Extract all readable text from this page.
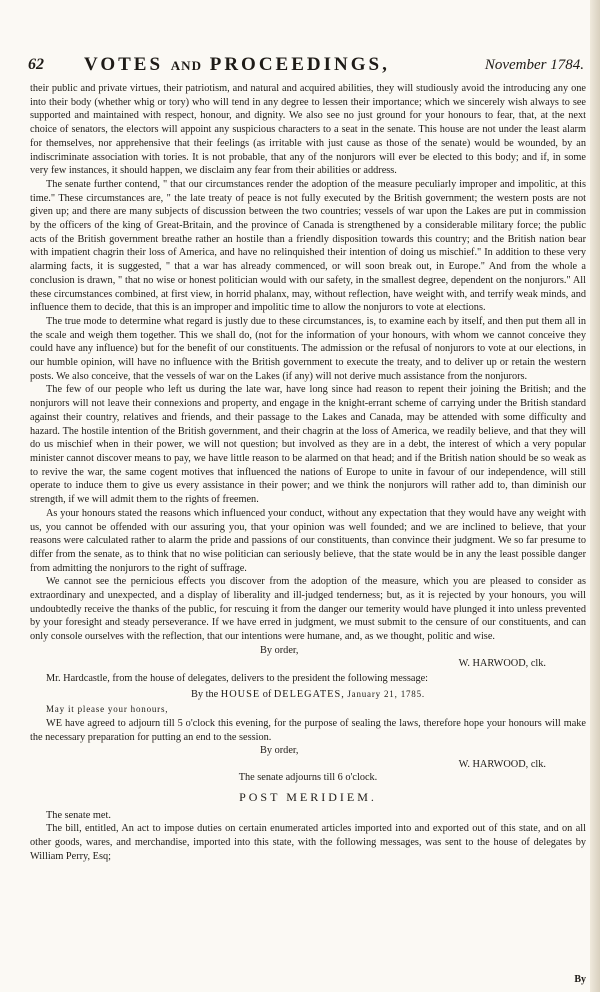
62 VOTES AND PROCEEDINGS,	November 1784.

their public and private virtues, their patriotism, and natural and acquired abilities, they will studiously avoid the introducing any one into their body (whether whig or tory) who will tend in any degree to lessen their importance; which we sincerely wish always to see supported and maintained with respect, honour, and dignity. We also see no just ground for your honours to fear, that, at the next choice of senators, the electors will appoint any suspicious characters to a seat in the senate. This house are not under the least alarm for themselves, nor apprehensive that their feelings (as irritable with just cause as those of the senate) would be wounded, by an indiscriminate association with tories. It is not probable, that any of the nonjurors will ever be elected to this body; and if, in some very few instances, it should happen, we disclaim any fear from their abilities or address.

The senate further contend, " that our circumstances render the adoption of the measure peculiarly improper and impolitic, at this time." These circumstances are, " the late treaty of peace is not fully executed by the British government; the western posts are not given up; and there are many subjects of discussion between the two countries; vessels of war upon the Lakes are put in commission by the officers of the king of Great-Britain, and the province of Canada is strengthened by a considerable military force; the public acts of the British government breathe rather an hostile than a friendly disposition towards this country; and the British nation bear with impatient chagrin their loss of America, and have no relinquished their intention of doing us mischief." In addition to these very alarming facts, it is suggested, " that a war has already commenced, or will soon break out, in Europe." And from the whole a conclusion is drawn, " that no wise or honest politician would with our safety, in the smallest degree, dependent on the nonjurors." All these circumstances combined, at first view, in horrid phalanx, may, without reflection, have weight with, and terrify weak minds, and influence them to decide, that this is an improper and impolitic time to allow the nonjurors to vote at elections.

The true mode to determine what regard is justly due to these circumstances, is, to examine each by itself, and then put them all in the scale and weigh them together. This we shall do, (not for the information of your honours, with whom we cannot conceive they could have any influence) but for the benefit of our constituents. The admission or the refusal of nonjurors to vote at our elections, in our humble opinion, will have no influence with the British government to execute the treaty, and to deliver up or retain the western posts. We also conceive, that the vessels of war on the Lakes (if any) will not derive much assistance from the nonjurors.

The few of our people who left us during the late war, have long since had reason to repent their joining the British; and the nonjurors will not leave their connexions and property, and engage in the knight-errant scheme of carrying under the British standard against their country, relatives and friends, and their passage to the Lakes and Canada, may be attended with some difficulty and hazard. The hostile intention of the British government, and their chagrin at the loss of America, we readily believe, and that they will do us mischief when in their power, we will not question; but involved as they are in a debt, the interest of which a very popular minister cannot discover means to pay, we have little reason to be alarmed on that head; and if the British nation should be so weak as to revive the war, the same cogent motives that influenced the nations of Europe to unite in favour of our independence, will still operate to induce them to give us every assistance in their power; and we think the nonjurors will rather add to, than diminish our strength, if we will admit them to the rights of freemen.

As your honours stated the reasons which influenced your conduct, without any expectation that they would have any weight with us, you cannot be offended with our assuring you, that your opinion was well founded; and we are inclined to believe, that your reasons were calculated rather to alarm the pride and passions of our constituents, than convince their judgment. We so far presume to differ from the senate, as to think that no wise politician can seriously believe, that the state would be in any the least possible danger from admitting the nonjurors to the right of suffrage.

We cannot see the pernicious effects you discover from the adoption of the measure, which you are pleased to consider as extraordinary and unexpected, and a display of liberality and ill-judged tenderness; but, as it is rejected by your honours, you will undoubtedly receive the thanks of the public, for rescuing it from the danger our temerity would have plunged it into unless prevented by your foresight and steady perseverance. If we have erred in judgment, we must submit to the censure of our constituents, and can only console ourselves with the reflection, that our intentions were humane, and, as we thought, politic and wise.

By order,
W. HARWOOD, clk.

Mr. Hardcastle, from the house of delegates, delivers to the president the following message:

By the HOUSE of DELEGATES, January 21, 1785.

May it please your honours,

WE have agreed to adjourn till 5 o'clock this evening, for the purpose of sealing the laws, therefore hope your honours will make the necessary preparation for putting an end to the session.

By order,
W. HARWOOD, clk.
The senate adjourns till 6 o'clock.
POST MERIDIEM.

The senate met.

The bill, entitled, An act to impose duties on certain enumerated articles imported into and exported out of this state, and on all other goods, wares, and merchandise, imported into this state, with the following messages, was sent to the house of delegates by William Perry, Esq;

By
